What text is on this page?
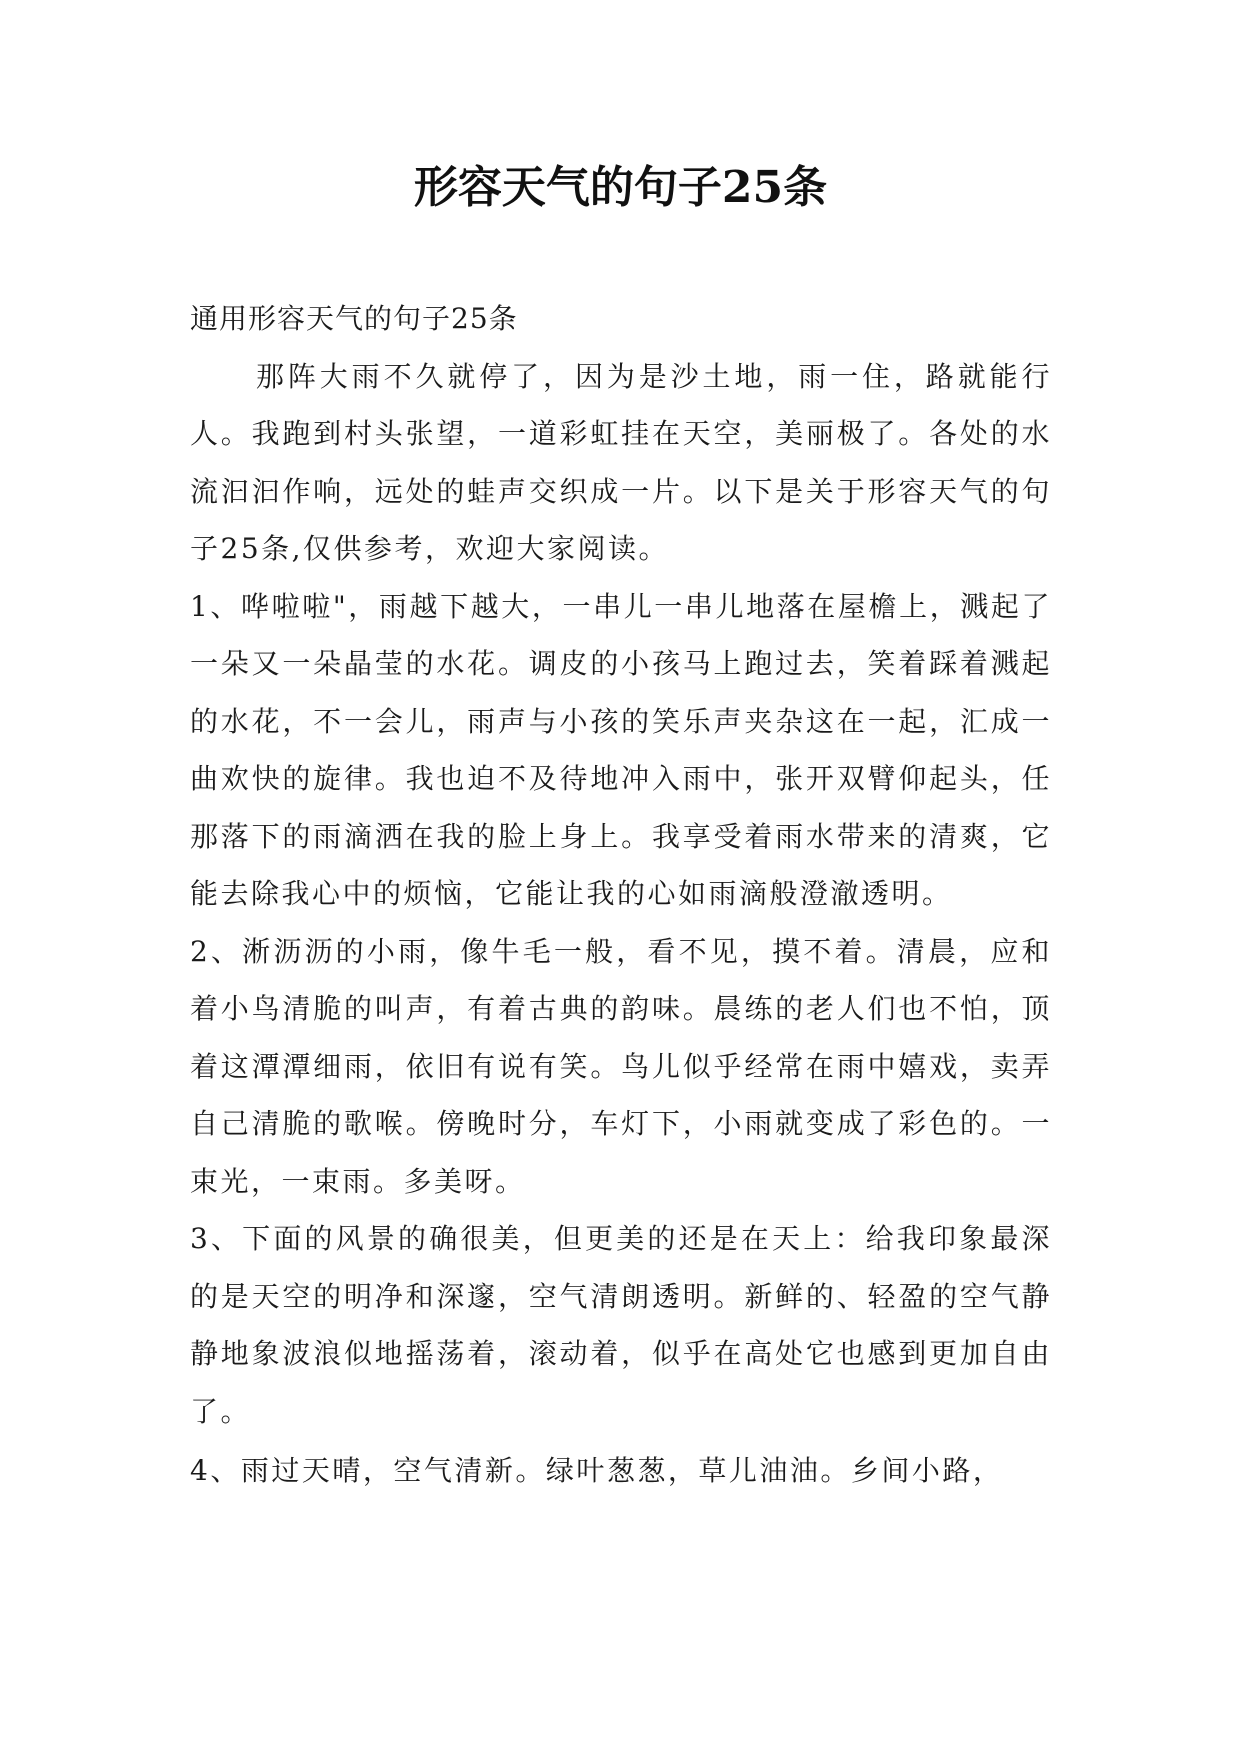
形容天气的句子25条

通用形容天气的句子25条

那阵大雨不久就停了，因为是沙土地，雨一住，路就能行人。我跑到村头张望，一道彩虹挂在天空，美丽极了。各处的水流汩汩作响，远处的蛙声交织成一片。以下是关于形容天气的句子25条,仅供参考，欢迎大家阅读。

1、哗啦啦"，雨越下越大，一串儿一串儿地落在屋檐上，溅起了一朵又一朵晶莹的水花。调皮的小孩马上跑过去，笑着踩着溅起的水花，不一会儿，雨声与小孩的笑乐声夹杂这在一起，汇成一曲欢快的旋律。我也迫不及待地冲入雨中，张开双臂仰起头，任那落下的雨滴洒在我的脸上身上。我享受着雨水带来的清爽，它能去除我心中的烦恼，它能让我的心如雨滴般澄澈透明。

2、淅沥沥的小雨，像牛毛一般，看不见，摸不着。清晨，应和着小鸟清脆的叫声，有着古典的韵味。晨练的老人们也不怕，顶着这潭潭细雨，依旧有说有笑。鸟儿似乎经常在雨中嬉戏，卖弄自己清脆的歌喉。傍晚时分，车灯下，小雨就变成了彩色的。一束光，一束雨。多美呀。

3、下面的风景的确很美，但更美的还是在天上：给我印象最深的是天空的明净和深邃，空气清朗透明。新鲜的、轻盈的空气静静地象波浪似地摇荡着，滚动着，似乎在高处它也感到更加自由了。

4、雨过天晴，空气清新。绿叶葱葱，草儿油油。乡间小路，
